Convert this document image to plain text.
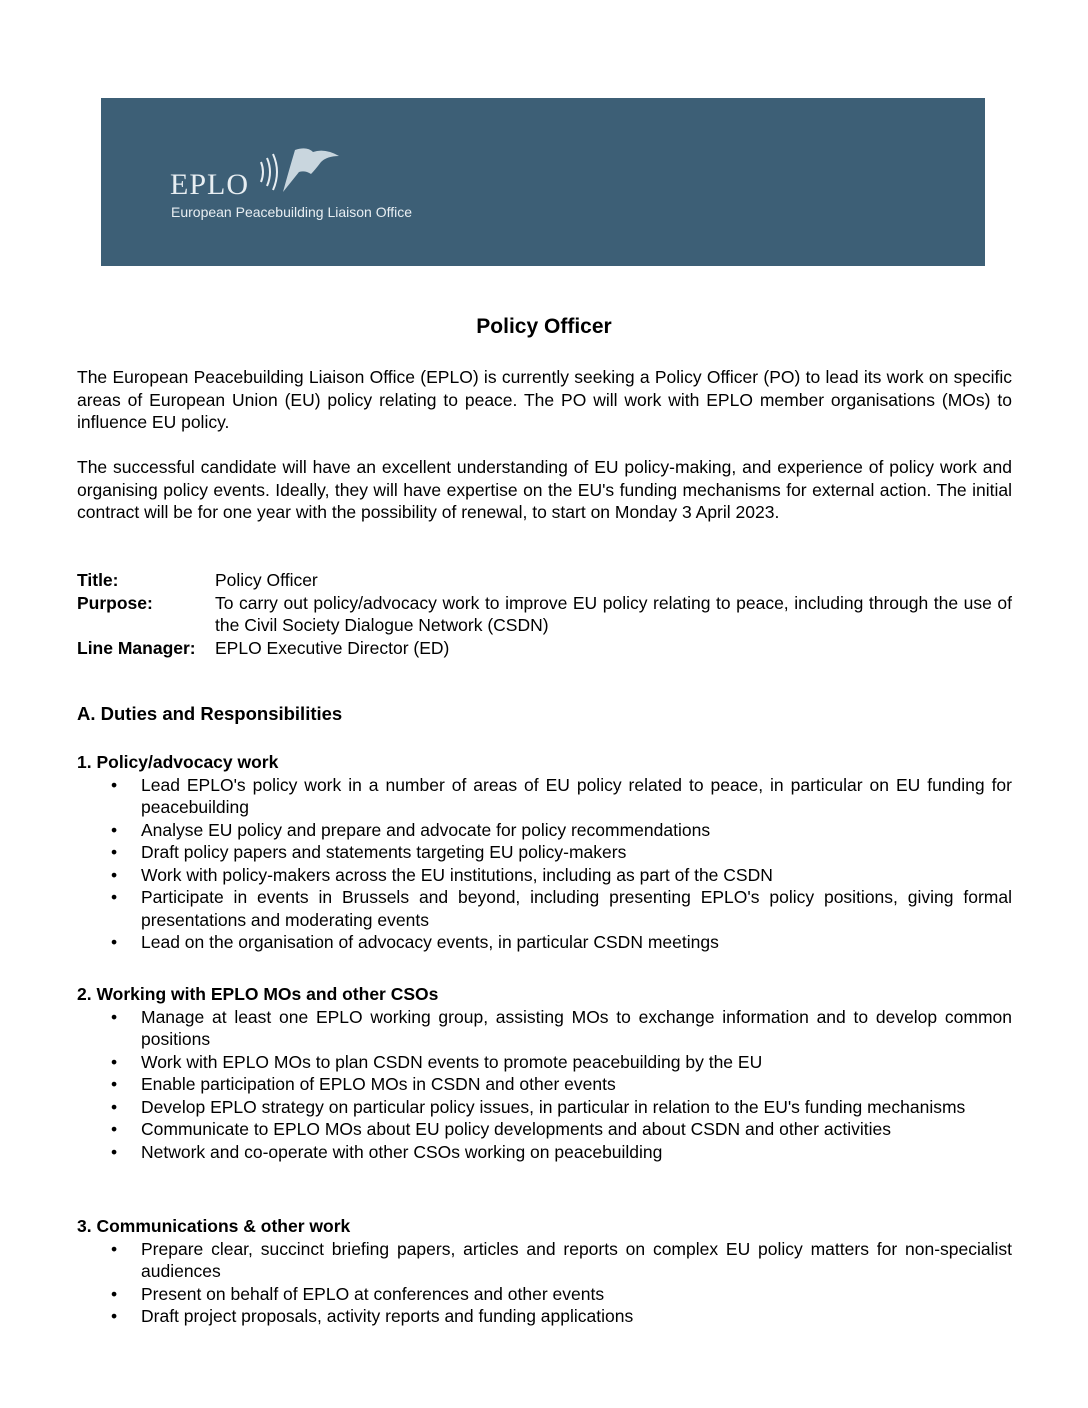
EPLO
European Peacebuilding Liaison Office
Policy Officer

The European Peacebuilding Liaison Office (EPLO) is currently seeking a Policy Officer (PO) to lead its work on specific areas of European Union (EU) policy relating to peace. The PO will work with EPLO member organisations (MOs) to influence EU policy.

The successful candidate will have an excellent understanding of EU policy-making, and experience of policy work and organising policy events. Ideally, they will have expertise on the EU's funding mechanisms for external action. The initial contract will be for one year with the possibility of renewal, to start on Monday 3 April 2023.

Title:	Policy Officer
Purpose:	To carry out policy/advocacy work to improve EU policy relating to peace, including through the use of the Civil Society Dialogue Network (CSDN)
Line Manager:	EPLO Executive Director (ED)
A. Duties and Responsibilities
1. Policy/advocacy work
• Lead EPLO's policy work in a number of areas of EU policy related to peace, in particular on EU funding for peacebuilding
• Analyse EU policy and prepare and advocate for policy recommendations
• Draft policy papers and statements targeting EU policy-makers
• Work with policy-makers across the EU institutions, including as part of the CSDN
• Participate in events in Brussels and beyond, including presenting EPLO's policy positions, giving formal presentations and moderating events
• Lead on the organisation of advocacy events, in particular CSDN meetings
2. Working with EPLO MOs and other CSOs
• Manage at least one EPLO working group, assisting MOs to exchange information and to develop common positions
• Work with EPLO MOs to plan CSDN events to promote peacebuilding by the EU
• Enable participation of EPLO MOs in CSDN and other events
• Develop EPLO strategy on particular policy issues, in particular in relation to the EU's funding mechanisms
• Communicate to EPLO MOs about EU policy developments and about CSDN and other activities
• Network and co-operate with other CSOs working on peacebuilding
3. Communications & other work
• Prepare clear, succinct briefing papers, articles and reports on complex EU policy matters for non-specialist audiences
• Present on behalf of EPLO at conferences and other events
• Draft project proposals, activity reports and funding applications
